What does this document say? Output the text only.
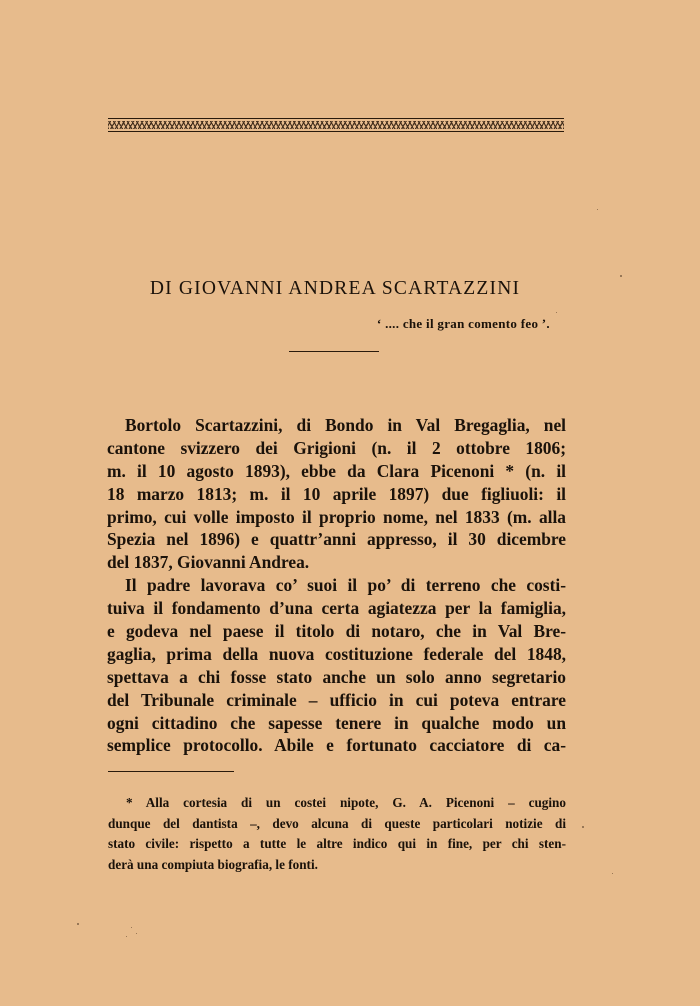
DI GIOVANNI ANDREA SCARTAZZINI
‘ .... che il gran comento feo ’.
Bortolo Scartazzini, di Bondo in Val Bregaglia, nel
cantone svizzero dei Grigioni (n. il 2 ottobre 1806;
m. il 10 agosto 1893), ebbe da Clara Picenoni * (n. il
18 marzo 1813; m. il 10 aprile 1897) due figliuoli: il
primo, cui volle imposto il proprio nome, nel 1833 (m. alla
Spezia nel 1896) e quattr’anni appresso, il 30 dicembre
del 1837, Giovanni Andrea.
Il padre lavorava co’ suoi il po’ di terreno che costi-
tuiva il fondamento d’una certa agiatezza per la famiglia,
e godeva nel paese il titolo di notaro, che in Val Bre-
gaglia, prima della nuova costituzione federale del 1848,
spettava a chi fosse stato anche un solo anno segretario
del Tribunale criminale – ufficio in cui poteva entrare
ogni cittadino che sapesse tenere in qualche modo un
semplice protocollo. Abile e fortunato cacciatore di ca-
* Alla cortesia di un costei nipote, G. A. Picenoni – cugino
dunque del dantista –, devo alcuna di queste particolari notizie di
stato civile: rispetto a tutte le altre indico qui in fine, per chi sten-
derà una compiuta biografia, le fonti.
